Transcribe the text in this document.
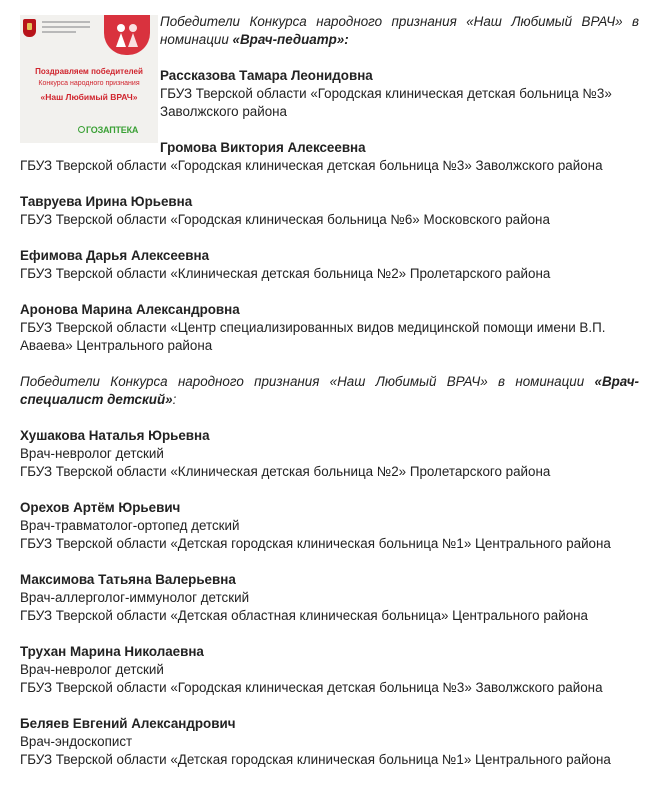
Поздравляем победителей
Конкурса народного признания
«Наш Любимый ВРАЧ»
ГОЗАПТЕКА
Победители Конкурса народного признания «Наш Любимый ВРАЧ» в номинации «Врач-педиатр»:
Рассказова Тамара Леонидовна
ГБУЗ Тверской области «Городская клиническая детская больница №3» Заволжского района
Громова Виктория Алексеевна
ГБУЗ Тверской области «Городская клиническая детская больница №3» Заволжского района
Тавруева Ирина Юрьевна
ГБУЗ Тверской области «Городская клиническая больница №6» Московского района
Ефимова Дарья Алексеевна
ГБУЗ Тверской области «Клиническая детская больница №2» Пролетарского района
Аронова Марина Александровна
ГБУЗ Тверской области «Центр специализированных видов медицинской помощи имени В.П. Аваева» Центрального района
Победители Конкурса народного признания «Наш Любимый ВРАЧ» в номинации «Врач-специалист детский»:
Хушакова Наталья Юрьевна
Врач-невролог детский
ГБУЗ Тверской области «Клиническая детская больница №2» Пролетарского района
Орехов Артём Юрьевич
Врач-травматолог-ортопед детский
ГБУЗ Тверской области «Детская городская клиническая больница №1» Центрального района
Максимова Татьяна Валерьевна
Врач-аллерголог-иммунолог детский
ГБУЗ Тверской области «Детская областная клиническая больница» Центрального района
Трухан Марина Николаевна
Врач-невролог детский
ГБУЗ Тверской области «Городская клиническая детская больница №3» Заволжского района
Беляев Евгений Александрович
Врач-эндоскопист
ГБУЗ Тверской области «Детская городская клиническая больница №1» Центрального района
